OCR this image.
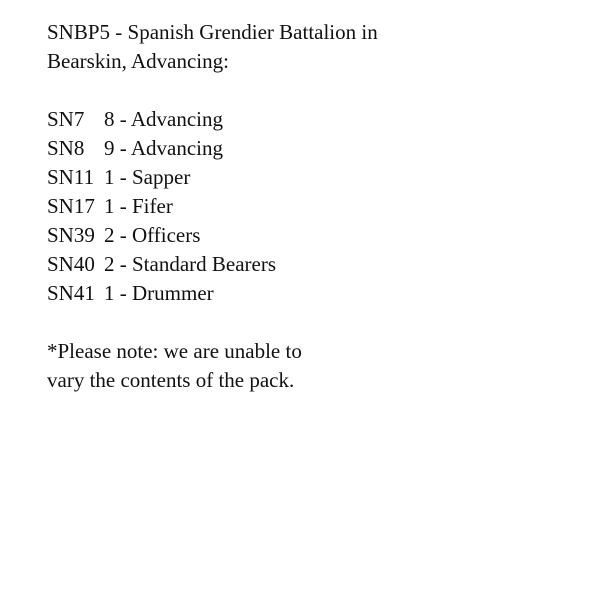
SNBP5 - Spanish Grendier Battalion in
Bearskin, Advancing:
SN7 8 - Advancing
SN8 9 - Advancing
SN11 1 - Sapper
SN17 1 - Fifer
SN39 2 - Officers
SN40 2 - Standard Bearers
SN41 1 - Drummer
*Please note: we are unable to
vary the contents of the pack.
